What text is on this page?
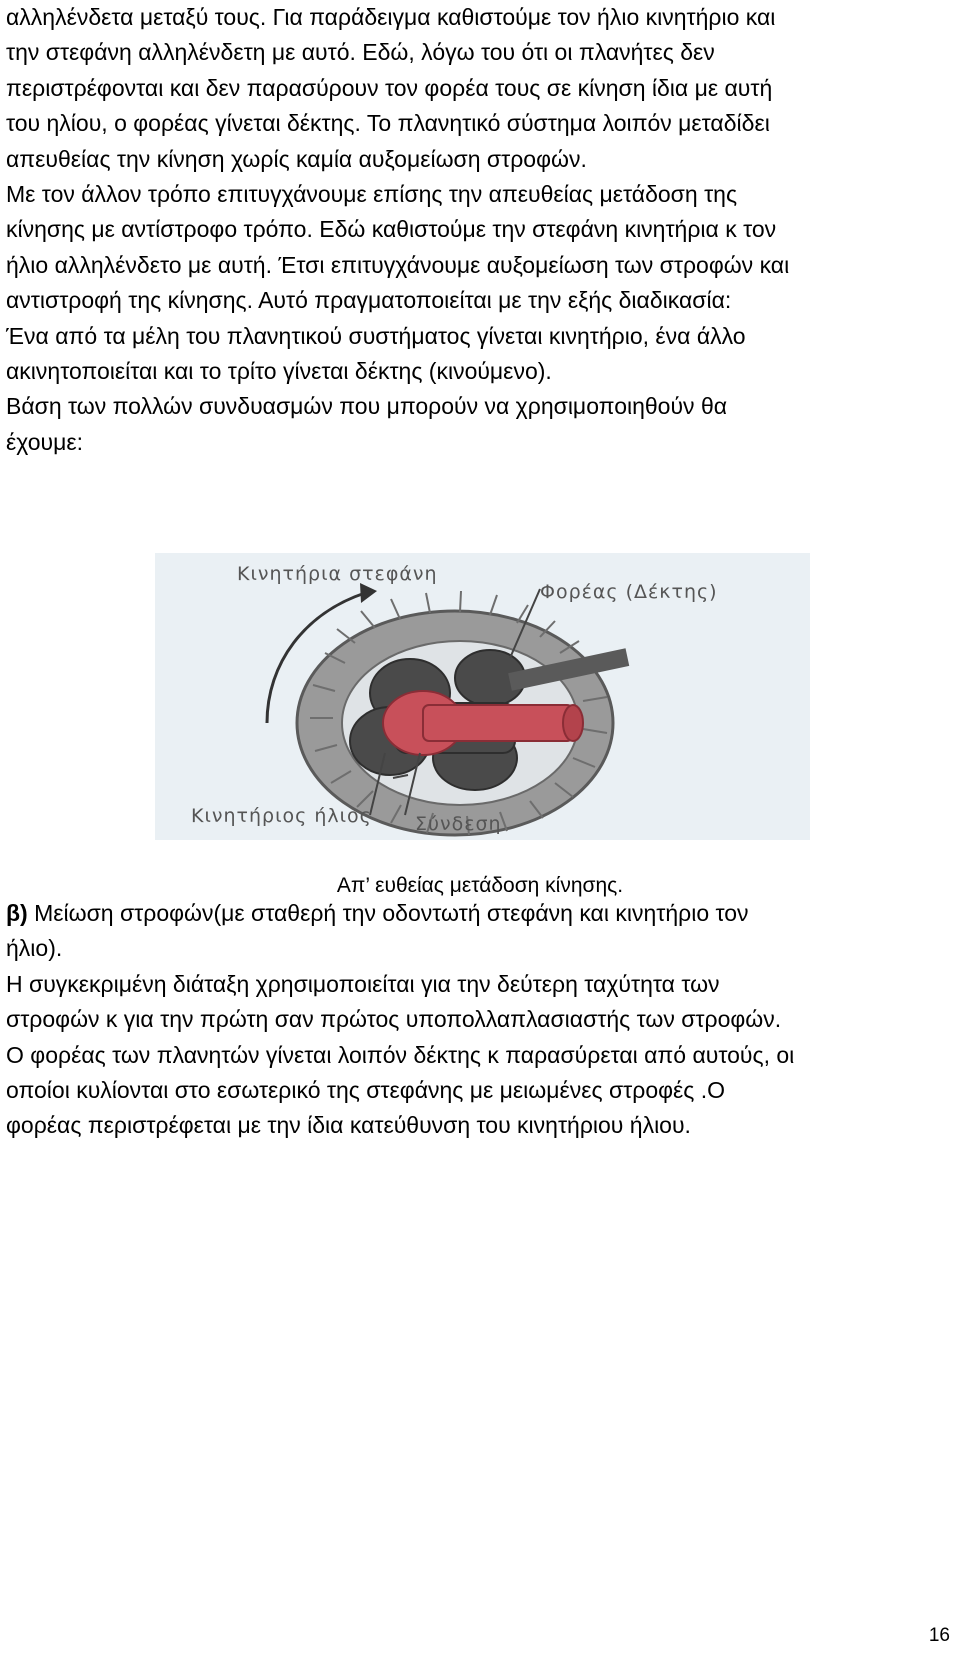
αλληλένδετα μεταξύ τους. Για παράδειγμα καθιστούμε τον ήλιο κινητήριο και
την στεφάνη αλληλένδετη με αυτό. Εδώ, λόγω του ότι οι πλανήτες δεν
περιστρέφονται και δεν παρασύρουν τον φορέα τους σε κίνηση ίδια με αυτή
του ηλίου, ο φορέας γίνεται δέκτης. Το πλανητικό σύστημα λοιπόν μεταδίδει
απευθείας την κίνηση χωρίς καμία αυξομείωση στροφών.
Με τον άλλον τρόπο επιτυγχάνουμε επίσης την απευθείας μετάδοση της
κίνησης με αντίστροφο τρόπο. Εδώ καθιστούμε την στεφάνη κινητήρια κ τον
ήλιο αλληλένδετο με αυτή. Έτσι επιτυγχάνουμε αυξομείωση των στροφών και
αντιστροφή της κίνησης. Αυτό πραγματοποιείται με την εξής διαδικασία:
Ένα από τα μέλη του πλανητικού συστήματος γίνεται κινητήριο, ένα άλλο
ακινητοποιείται και το τρίτο γίνεται δέκτης (κινούμενο).
Βάση των πολλών συνδυασμών που μπορούν να χρησιμοποιηθούν θα
έχουμε:
Κινητήρια στεφάνη
Φορέας (Δέκτης)
Κινητήριος ήλιος Σύνδεση
Απ’ ευθείας μετάδοση κίνησης.
β) Μείωση στροφών(με σταθερή την οδοντωτή στεφάνη και κινητήριο τον
ήλιο).
Η συγκεκριμένη διάταξη χρησιμοποιείται για την δεύτερη ταχύτητα των
στροφών κ για την πρώτη σαν πρώτος υποπολλαπλασιαστής των στροφών.
Ο φορέας των πλανητών γίνεται λοιπόν δέκτης κ παρασύρεται από αυτούς, οι
οποίοι κυλίονται στο εσωτερικό της στεφάνης με μειωμένες στροφές .Ο
φορέας περιστρέφεται με την ίδια κατεύθυνση του κινητήριου ήλιου.
16
